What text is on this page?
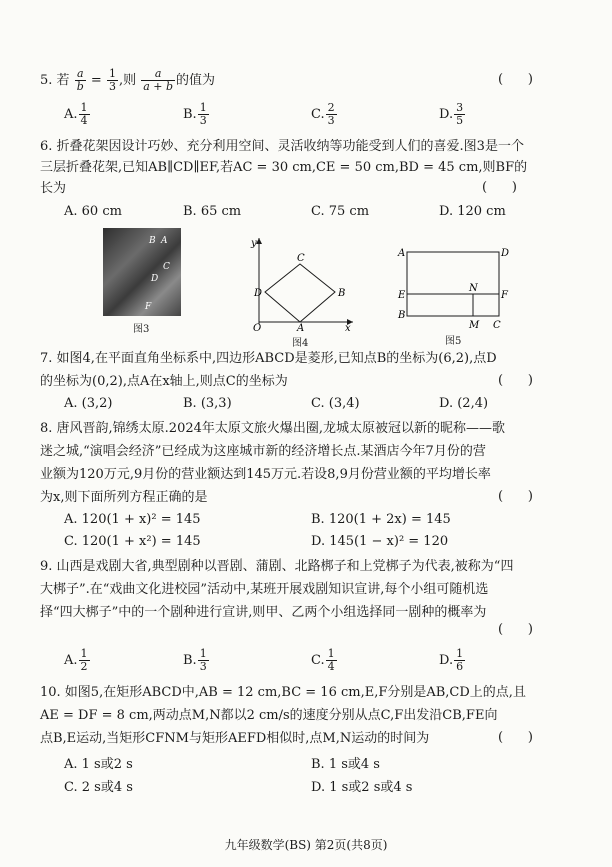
5. 若 $\frac{a}{b} = \frac{1}{3}$ ,则 $\frac{a}{a + b}$ 的值为	(      )
A. $\frac{1}{4}$	B. $\frac{1}{3}$	C. $\frac{2}{3}$	D. $\frac{3}{5}$
6. 折叠花架因设计巧妙、充分利用空间、灵活收纳等功能受到人们的喜爱.图3是一个
三层折叠花架,已知AB∥CD∥EF,若AC = 30 cm,CE = 50 cm,BD = 45 cm,则BF的
长为	(      )
A. 60 cm	B. 65 cm	C. 75 cm	D. 120 cm
B A
C
D
F
图3
y
x
O	A
B
C
D
图4
A	D
E	F
N
B
M C
图5
7. 如图4,在平面直角坐标系中,四边形ABCD是菱形,已知点B的坐标为(6,2),点D
的坐标为(0,2),点A在x轴上,则点C的坐标为	(      )
A. (3,2)	B. (3,3)	C. (3,4)	D. (2,4)
8. 唐风晋韵,锦绣太原.2024年太原文旅火爆出圈,龙城太原被冠以新的昵称——歌
迷之城,“演唱会经济”已经成为这座城市新的经济增长点.某酒店今年7月份的营
业额为120万元,9月份的营业额达到145万元.若设8,9月份营业额的平均增长率
为x,则下面所列方程正确的是	(      )
A. 120(1 + x)² = 145	B. 120(1 + 2x) = 145
C. 120(1 + x²) = 145	D. 145(1 − x)² = 120
9. 山西是戏剧大省,典型剧种以晋剧、蒲剧、北路梆子和上党梆子为代表,被称为“四
大梆子”.在“戏曲文化进校园”活动中,某班开展戏剧知识宣讲,每个小组可随机选
择“四大梆子”中的一个剧种进行宣讲,则甲、乙两个小组选择同一剧种的概率为
(      )
A. $\frac{1}{2}$	B. $\frac{1}{3}$	C. $\frac{1}{4}$	D. $\frac{1}{6}$
10. 如图5,在矩形ABCD中,AB = 12 cm,BC = 16 cm,E,F分别是AB,CD上的点,且
AE = DF = 8 cm,两动点M,N都以2 cm/s的速度分别从点C,F出发沿CB,FE向
点B,E运动,当矩形CFNM与矩形AEFD相似时,点M,N运动的时间为	(      )
A. 1 s或2 s	B. 1 s或4 s
C. 2 s或4 s	D. 1 s或2 s或4 s
九年级数学(BS) 第2页(共8页)
